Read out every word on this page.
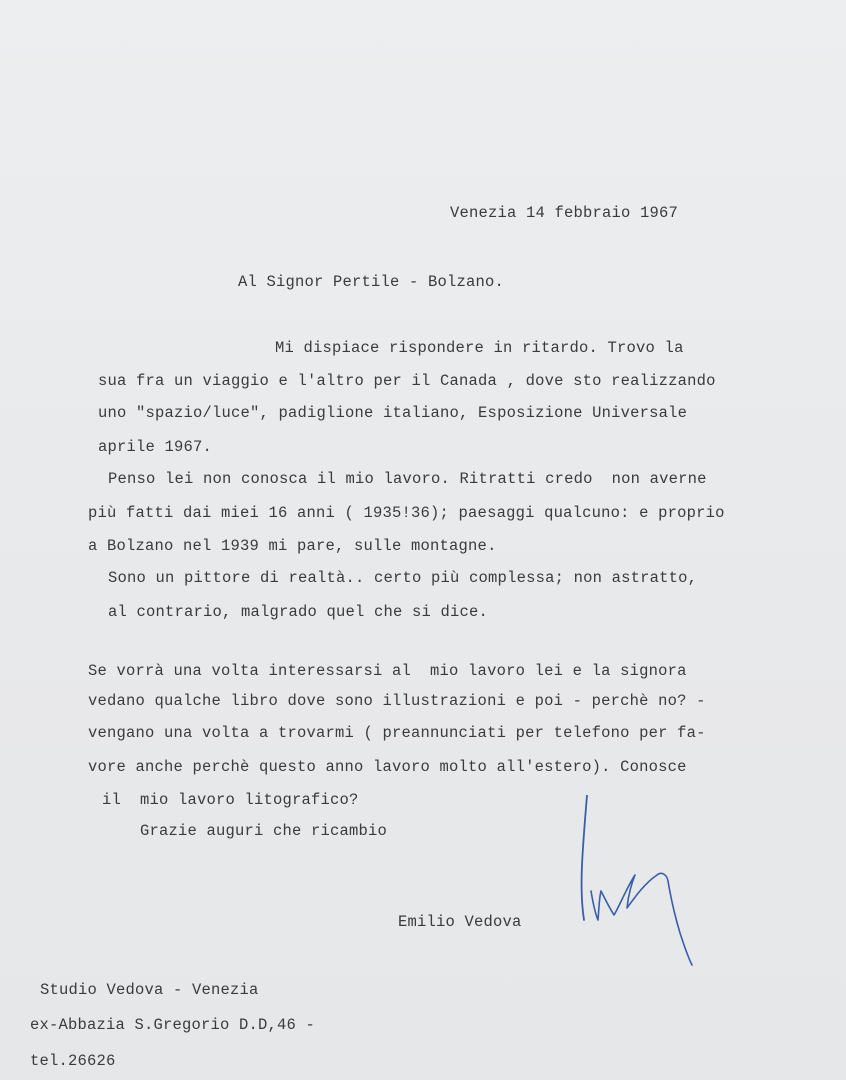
Venezia 14 febbraio 1967
Al Signor Pertile - Bolzano.
Mi dispiace rispondere in ritardo. Trovo la
sua fra un viaggio e l'altro per il Canada , dove sto realizzando
uno "spazio/luce", padiglione italiano, Esposizione Universale
aprile 1967.
Penso lei non conosca il mio lavoro. Ritratti credo  non averne
più fatti dai miei 16 anni ( 1935!36); paesaggi qualcuno: e proprio
a Bolzano nel 1939 mi pare, sulle montagne.
Sono un pittore di realtà.. certo più complessa; non astratto,
al contrario, malgrado quel che si dice.
Se vorrà una volta interessarsi al  mio lavoro lei e la signora
vedano qualche libro dove sono illustrazioni e poi - perchè no? -
vengano una volta a trovarmi ( preannunciati per telefono per fa-
vore anche perchè questo anno lavoro molto all'estero). Conosce
il  mio lavoro litografico?
Grazie auguri che ricambio
Emilio Vedova
Studio Vedova - Venezia
ex-Abbazia S.Gregorio D.D,46 -
tel.26626
